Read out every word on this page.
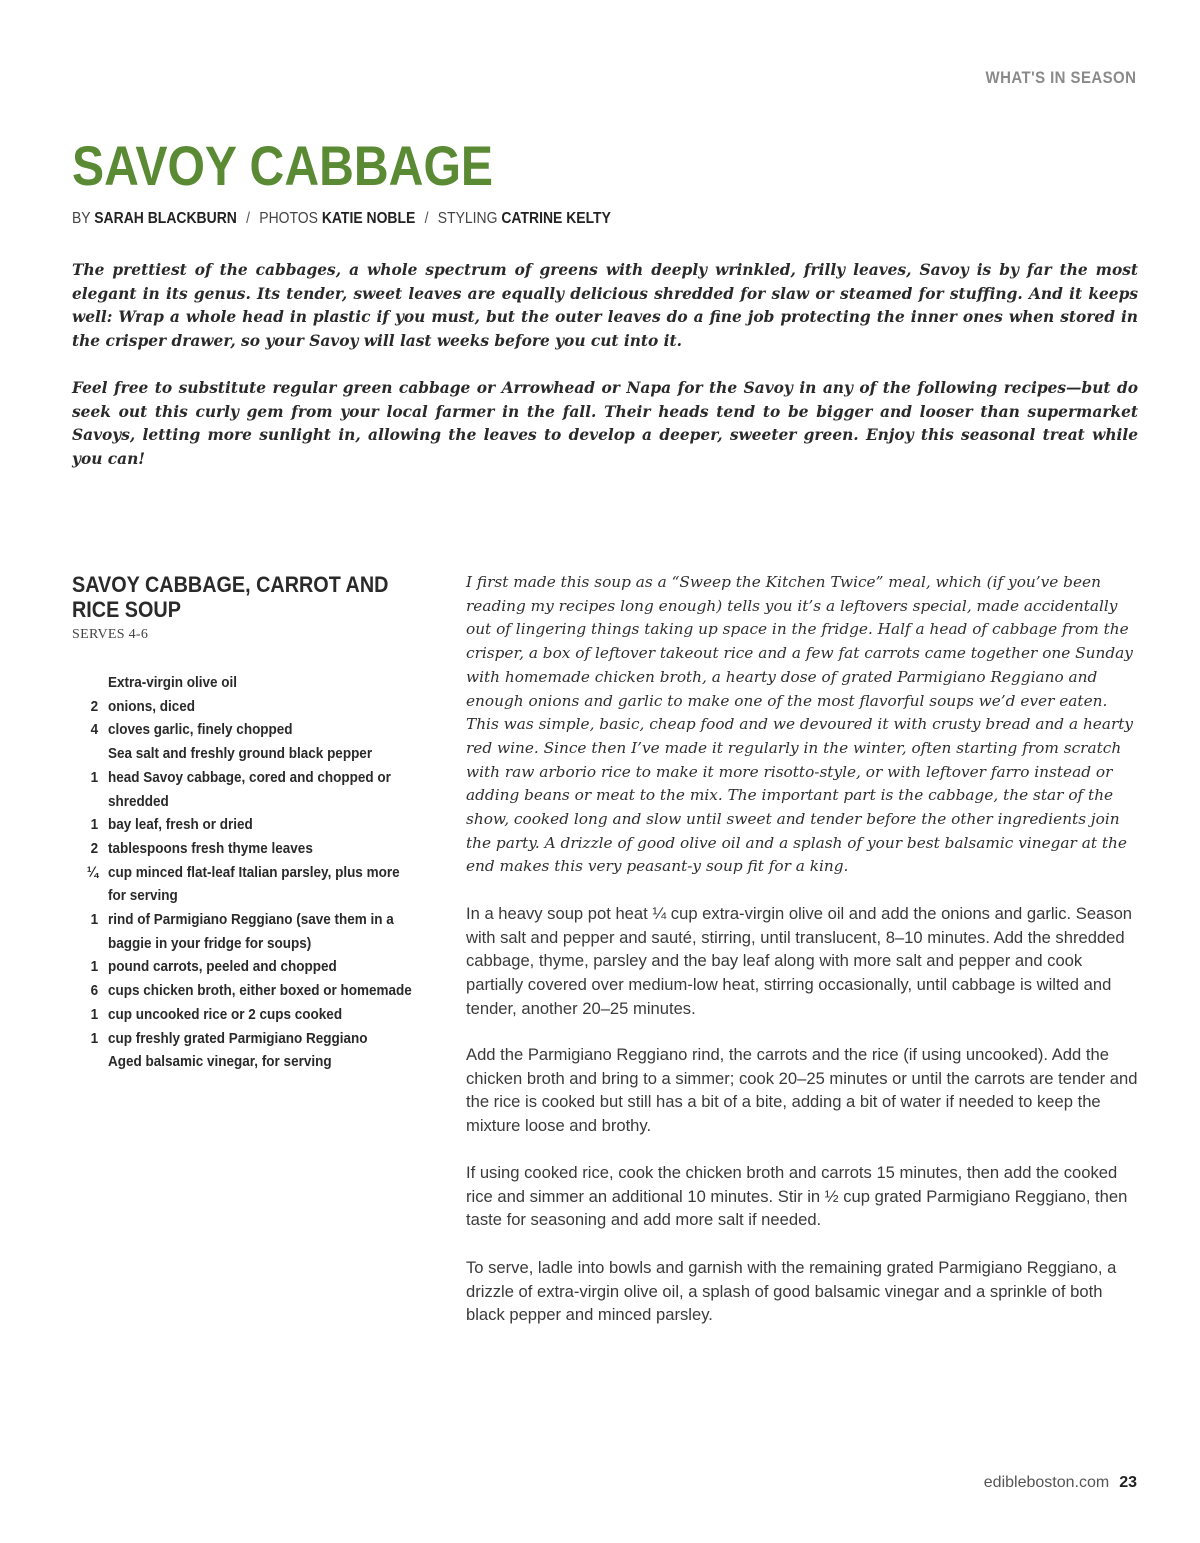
WHAT'S IN SEASON
SAVOY CABBAGE
BY SARAH BLACKBURN / PHOTOS KATIE NOBLE / STYLING CATRINE KELTY

The prettiest of the cabbages, a whole spectrum of greens with deeply wrinkled, frilly leaves, Savoy is by far the most elegant in its genus. Its tender, sweet leaves are equally delicious shredded for slaw or steamed for stuffing. And it keeps well: Wrap a whole head in plastic if you must, but the outer leaves do a fine job protecting the inner ones when stored in the crisper drawer, so your Savoy will last weeks before you cut into it.

Feel free to substitute regular green cabbage or Arrowhead or Napa for the Savoy in any of the following recipes—but do seek out this curly gem from your local farmer in the fall. Their heads tend to be bigger and looser than supermarket Savoys, letting more sunlight in, allowing the leaves to develop a deeper, sweeter green. Enjoy this seasonal treat while you can!

SAVOY CABBAGE, CARROT AND RICE SOUP
SERVES 4-6
Extra-virgin olive oil
2 onions, diced
4 cloves garlic, finely chopped
Sea salt and freshly ground black pepper
1 head Savoy cabbage, cored and chopped or shredded
1 bay leaf, fresh or dried
2 tablespoons fresh thyme leaves
¼ cup minced flat-leaf Italian parsley, plus more for serving
1 rind of Parmigiano Reggiano (save them in a baggie in your fridge for soups)
1 pound carrots, peeled and chopped
6 cups chicken broth, either boxed or homemade
1 cup uncooked rice or 2 cups cooked
1 cup freshly grated Parmigiano Reggiano
Aged balsamic vinegar, for serving

I first made this soup as a “Sweep the Kitchen Twice” meal, which (if you’ve been reading my recipes long enough) tells you it’s a leftovers special, made accidentally out of lingering things taking up space in the fridge. Half a head of cabbage from the crisper, a box of leftover takeout rice and a few fat carrots came together one Sunday with homemade chicken broth, a hearty dose of grated Parmigiano Reggiano and enough onions and garlic to make one of the most flavorful soups we’d ever eaten. This was simple, basic, cheap food and we devoured it with crusty bread and a hearty red wine. Since then I’ve made it regularly in the winter, often starting from scratch with raw arborio rice to make it more risotto-style, or with leftover farro instead or adding beans or meat to the mix. The important part is the cabbage, the star of the show, cooked long and slow until sweet and tender before the other ingredients join the party. A drizzle of good olive oil and a splash of your best balsamic vinegar at the end makes this very peasant-y soup fit for a king.

In a heavy soup pot heat ¼ cup extra-virgin olive oil and add the onions and garlic. Season with salt and pepper and sauté, stirring, until translucent, 8–10 minutes. Add the shredded cabbage, thyme, parsley and the bay leaf along with more salt and pepper and cook partially covered over medium-low heat, stirring occasionally, until cabbage is wilted and tender, another 20–25 minutes.

Add the Parmigiano Reggiano rind, the carrots and the rice (if using uncooked). Add the chicken broth and bring to a simmer; cook 20–25 minutes or until the carrots are tender and the rice is cooked but still has a bit of a bite, adding a bit of water if needed to keep the mixture loose and brothy.

If using cooked rice, cook the chicken broth and carrots 15 minutes, then add the cooked rice and simmer an additional 10 minutes. Stir in ½ cup grated Parmigiano Reggiano, then taste for seasoning and add more salt if needed.

To serve, ladle into bowls and garnish with the remaining grated Parmigiano Reggiano, a drizzle of extra-virgin olive oil, a splash of good balsamic vinegar and a sprinkle of both black pepper and minced parsley.

edibleboston.com 23
